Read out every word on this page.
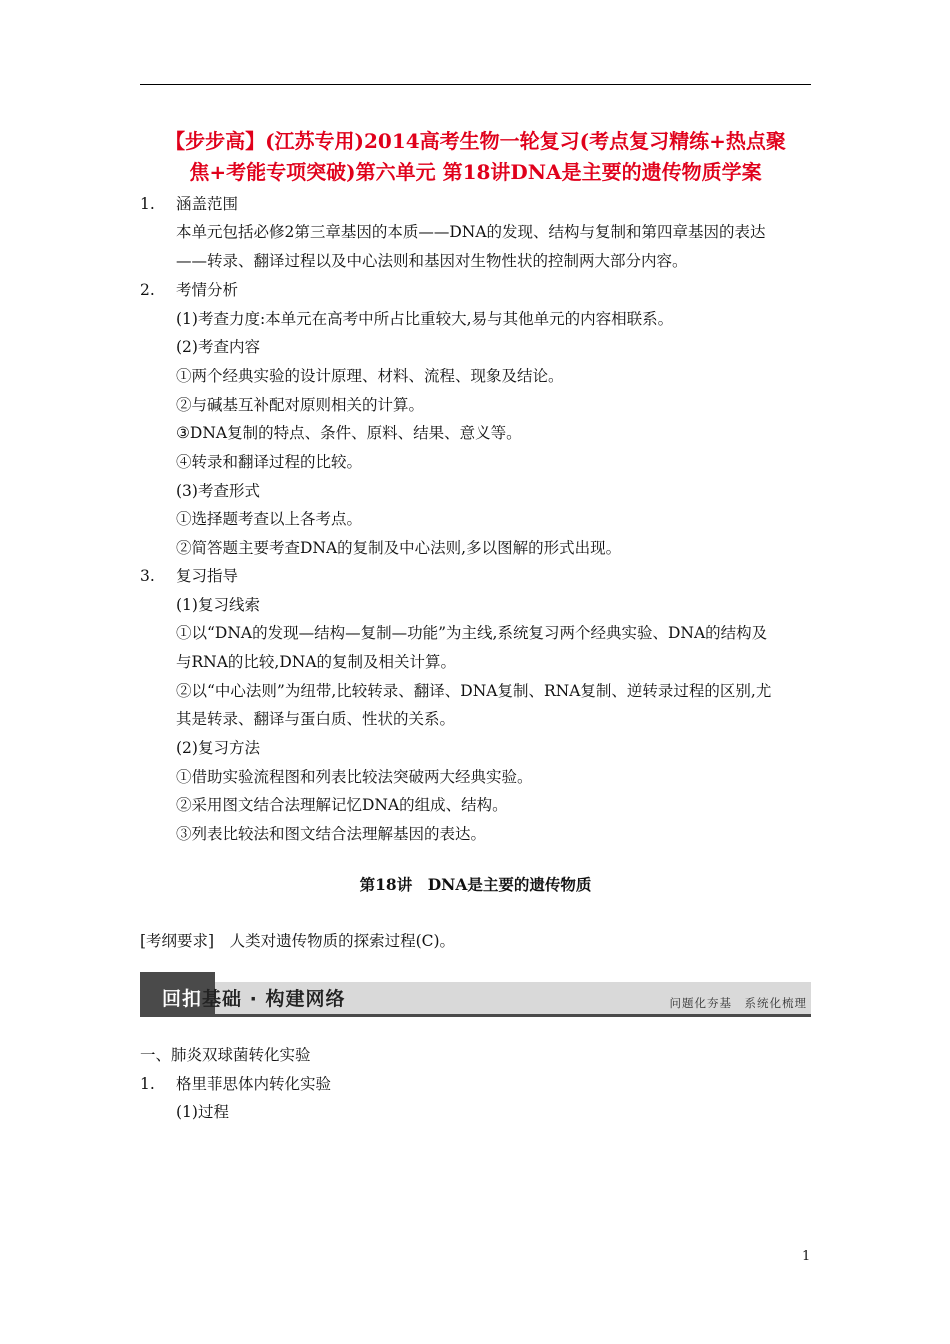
【步步高】(江苏专用)2014高考生物一轮复习(考点复习精练+热点聚
焦+考能专项突破)第六单元 第18讲DNA是主要的遗传物质学案
1. 涵盖范围
本单元包括必修2第三章基因的本质——DNA的发现、结构与复制和第四章基因的表达
——转录、翻译过程以及中心法则和基因对生物性状的控制两大部分内容。
2. 考情分析
(1)考查力度:本单元在高考中所占比重较大,易与其他单元的内容相联系。
(2)考查内容
①两个经典实验的设计原理、材料、流程、现象及结论。
②与碱基互补配对原则相关的计算。
③DNA复制的特点、条件、原料、结果、意义等。
④转录和翻译过程的比较。
(3)考查形式
①选择题考查以上各考点。
②简答题主要考查DNA的复制及中心法则,多以图解的形式出现。
3. 复习指导
(1)复习线索
①以“DNA的发现—结构—复制—功能”为主线,系统复习两个经典实验、DNA的结构及
与RNA的比较,DNA的复制及相关计算。
②以“中心法则”为纽带,比较转录、翻译、DNA复制、RNA复制、逆转录过程的区别,尤
其是转录、翻译与蛋白质、性状的关系。
(2)复习方法
①借助实验流程图和列表比较法突破两大经典实验。
②采用图文结合法理解记忆DNA的组成、结构。
③列表比较法和图文结合法理解基因的表达。
第18讲　DNA是主要的遗传物质
[考纲要求]　人类对遗传物质的探索过程(C)。
回扣基础 · 构建网络	问题化夯基　系统化梳理
一、肺炎双球菌转化实验
1. 格里菲思体内转化实验
(1)过程
1
